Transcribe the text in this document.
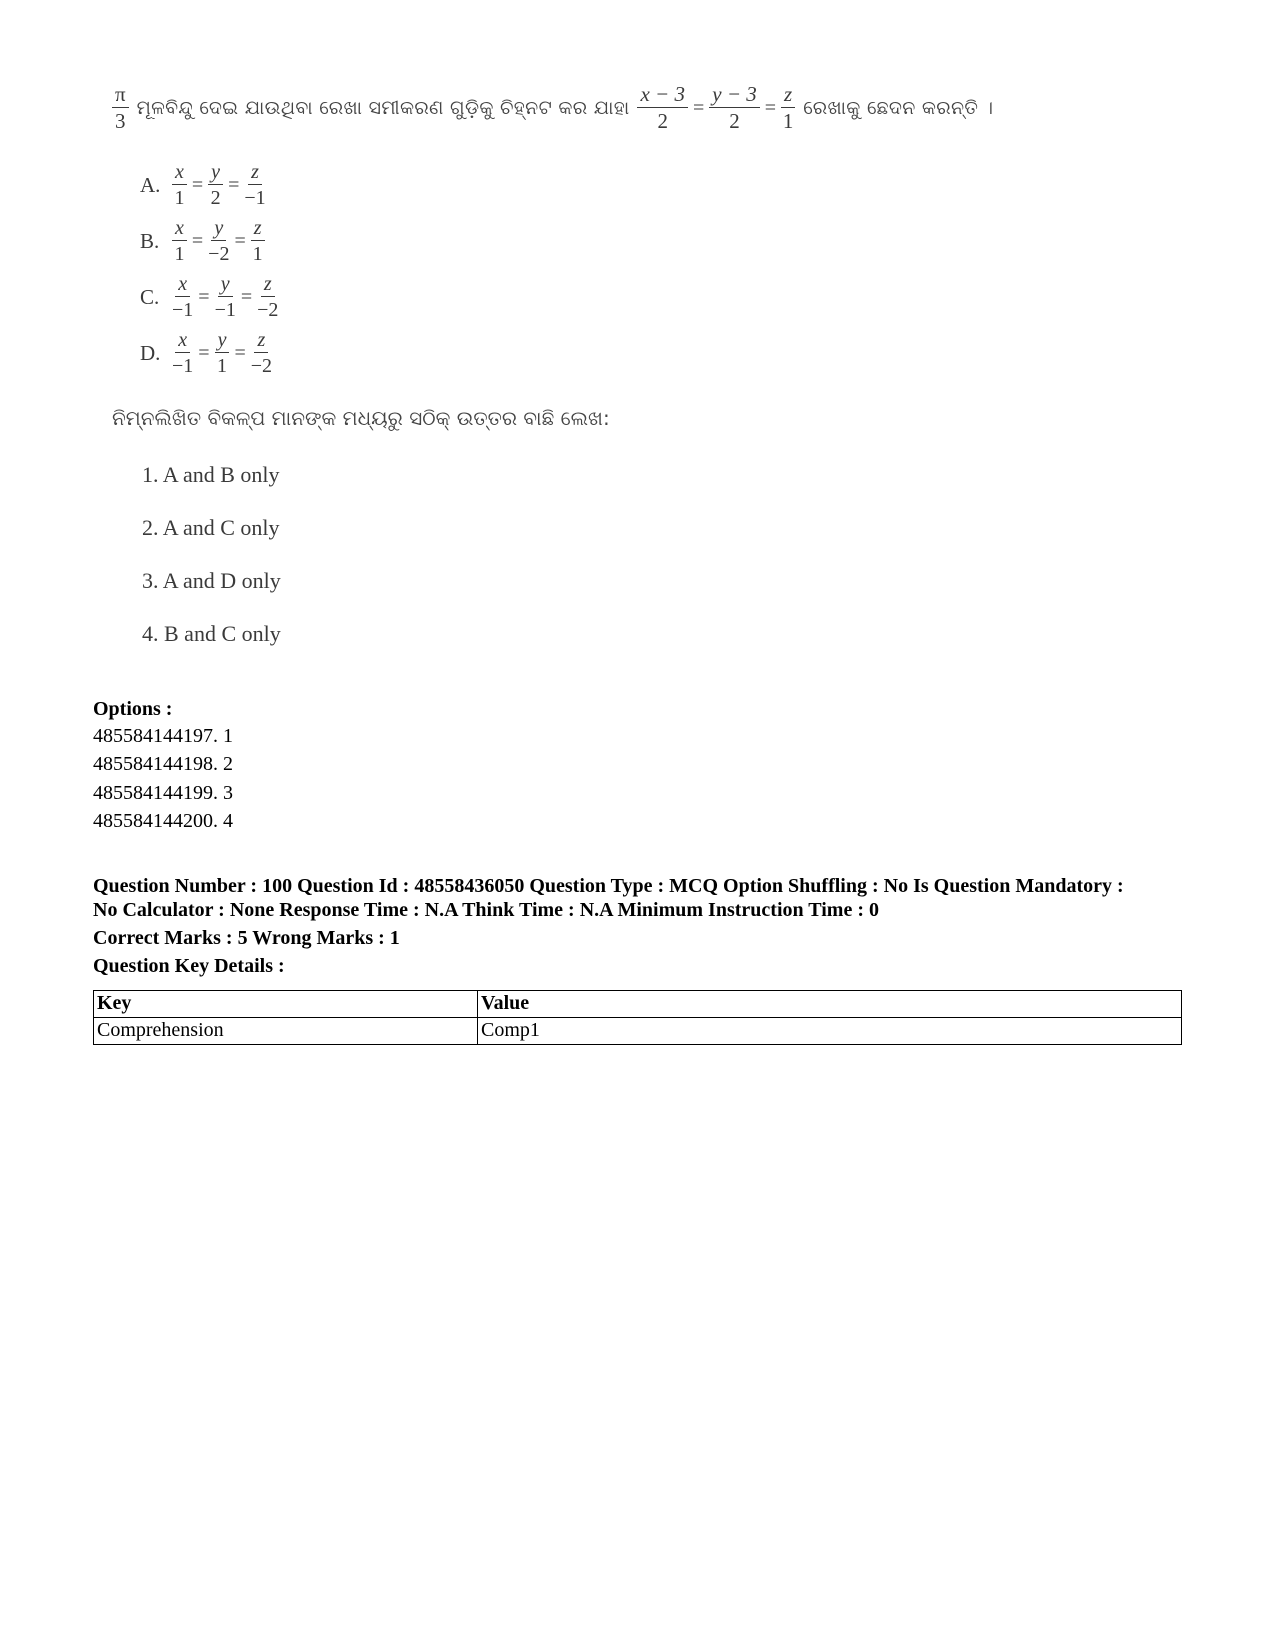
$\frac{\pi}{3}$ ମୂଳବିନ୍ଦୁ ଦେଇ ଯାଉଥିବା ରେଖା ସମୀକରଣ ଗୁଡ଼ିକୁ ଚିହ୍ନଟ କର ଯାହା $\frac{x - 3}{2} = \frac{y - 3}{2} = \frac{z}{1}$ ରେଖାକୁ ଛେଦନ କରନ୍ତି ।
A. $\frac{x}{1} = \frac{y}{2} = \frac{z}{-1}$
B. $\frac{x}{1} = \frac{y}{-2} = \frac{z}{1}$
C. $\frac{x}{-1} = \frac{y}{-1} = \frac{z}{-2}$
D. $\frac{x}{-1} = \frac{y}{1} = \frac{z}{-2}$
ନିମ୍ନଲିଖିତ ବିକଳ୍ପ ମାନଙ୍କ ମଧ୍ୟରୁ ସଠିକ୍ ଉତ୍ତର ବାଛି ଲେଖ:
1. A and B only
2. A and C only
3. A and D only
4. B and C only
Options :
485584144197. 1
485584144198. 2
485584144199. 3
485584144200. 4
Question Number : 100 Question Id : 48558436050 Question Type : MCQ Option Shuffling : No Is Question Mandatory :
No Calculator : None Response Time : N.A Think Time : N.A Minimum Instruction Time : 0
Correct Marks : 5 Wrong Marks : 1
Question Key Details :
Key	Value
Comprehension	Comp1
